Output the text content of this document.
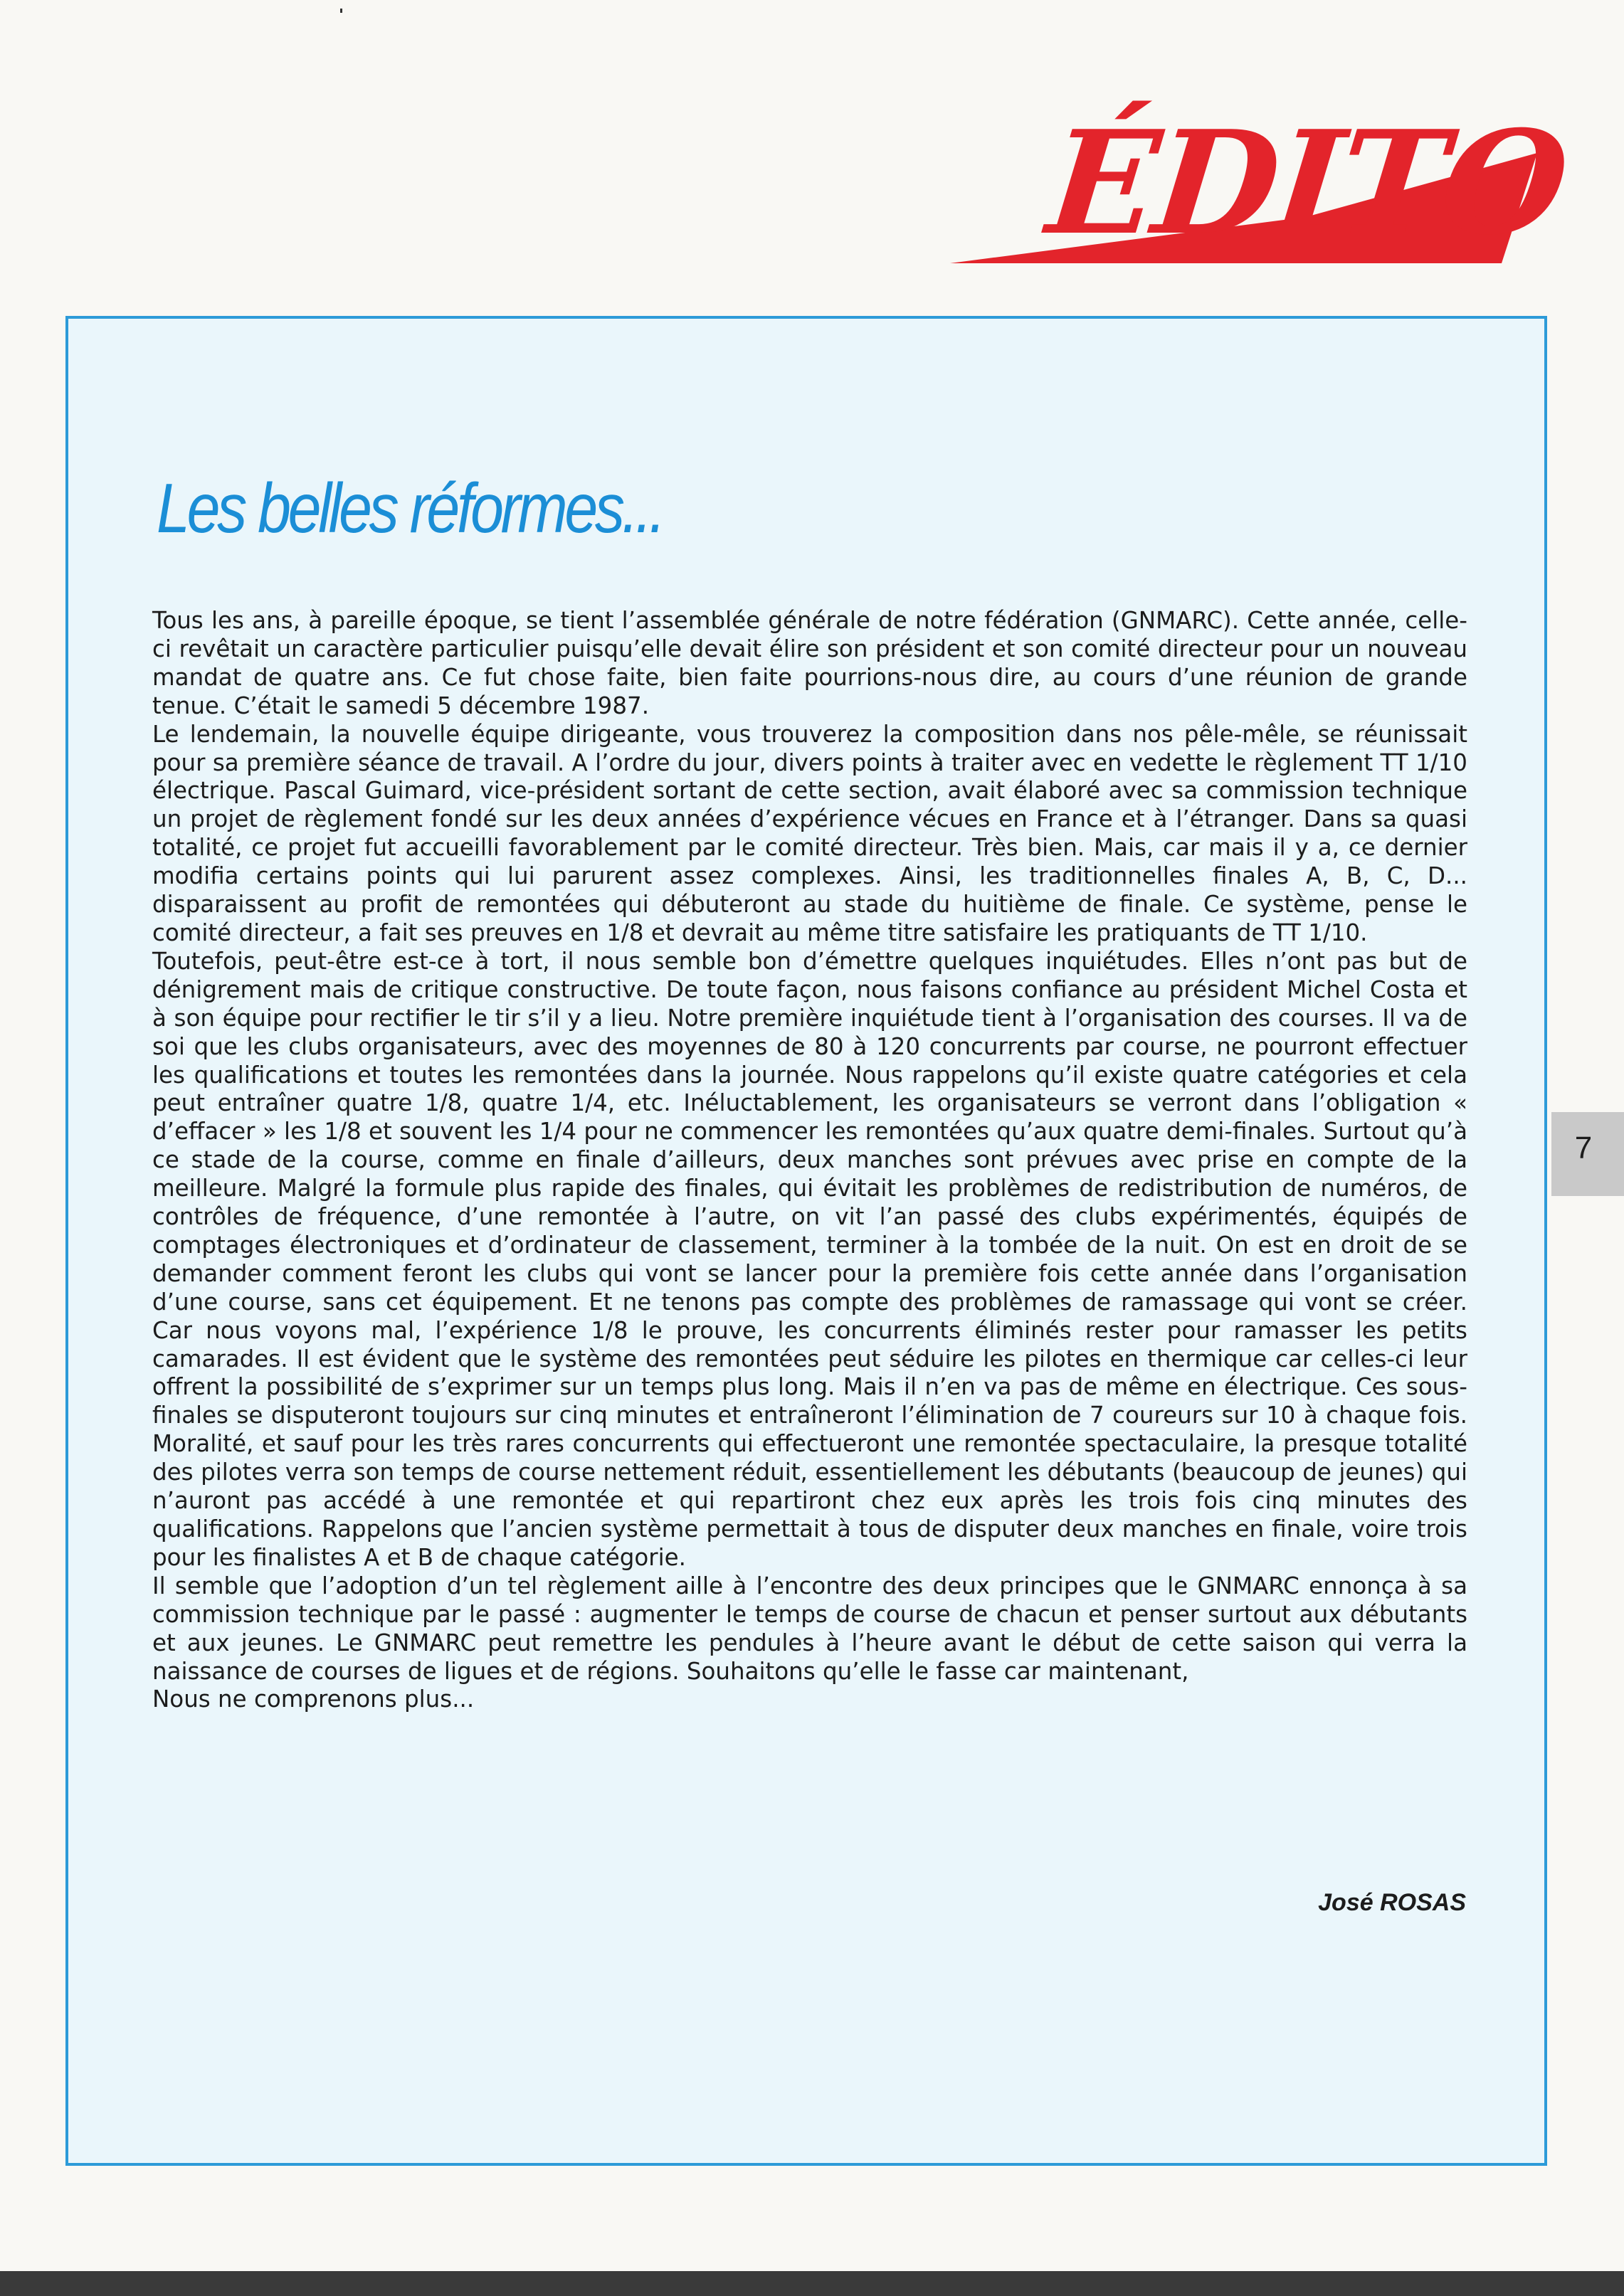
ÉDITO
Les belles réformes...

Tous les ans, à pareille époque, se tient l’assemblée générale de notre fédération (GNMARC). Cette année, celle-ci revêtait un caractère particulier puisqu’elle devait élire son président et son comité directeur pour un nouveau mandat de quatre ans. Ce fut chose faite, bien faite pourrions-nous dire, au cours d’une réunion de grande tenue. C’était le samedi 5 décembre 1987.

Le lendemain, la nouvelle équipe dirigeante, vous trouverez la composition dans nos pêle-mêle, se réunissait pour sa première séance de travail. A l’ordre du jour, divers points à traiter avec en vedette le règlement TT 1/10 électrique. Pascal Guimard, vice-président sortant de cette section, avait élaboré avec sa commission technique un projet de règlement fondé sur les deux années d’expérience vécues en France et à l’étranger. Dans sa quasi totalité, ce projet fut accueilli favorablement par le comité directeur. Très bien. Mais, car mais il y a, ce dernier modifia certains points qui lui parurent assez complexes. Ainsi, les traditionnelles finales A, B, C, D... disparaissent au profit de remontées qui débuteront au stade du huitième de finale. Ce système, pense le comité directeur, a fait ses preuves en 1/8 et devrait au même titre satisfaire les pratiquants de TT 1/10.

Toutefois, peut-être est-ce à tort, il nous semble bon d’émettre quelques inquiétudes. Elles n’ont pas but de dénigrement mais de critique constructive. De toute façon, nous faisons confiance au président Michel Costa et à son équipe pour rectifier le tir s’il y a lieu. Notre première inquiétude tient à l’organisation des courses. Il va de soi que les clubs organisateurs, avec des moyennes de 80 à 120 concurrents par course, ne pourront effectuer les qualifications et toutes les remontées dans la journée. Nous rappelons qu’il existe quatre catégories et cela peut entraîner quatre 1/8, quatre 1/4, etc. Inéluctablement, les organisateurs se verront dans l’obligation « d’effacer » les 1/8 et souvent les 1/4 pour ne commencer les remontées qu’aux quatre demi-finales. Surtout qu’à ce stade de la course, comme en finale d’ailleurs, deux manches sont prévues avec prise en compte de la meilleure. Malgré la formule plus rapide des finales, qui évitait les problèmes de redistribution de numéros, de contrôles de fréquence, d’une remontée à l’autre, on vit l’an passé des clubs expérimentés, équipés de comptages électroniques et d’ordinateur de classement, terminer à la tombée de la nuit. On est en droit de se demander comment feront les clubs qui vont se lancer pour la première fois cette année dans l’organisation d’une course, sans cet équipement. Et ne tenons pas compte des problèmes de ramassage qui vont se créer. Car nous voyons mal, l’expérience 1/8 le prouve, les concurrents éliminés rester pour ramasser les petits camarades. Il est évident que le système des remontées peut séduire les pilotes en thermique car celles-ci leur offrent la possibilité de s’exprimer sur un temps plus long. Mais il n’en va pas de même en électrique. Ces sous-finales se disputeront toujours sur cinq minutes et entraîneront l’élimination de 7 coureurs sur 10 à chaque fois. Moralité, et sauf pour les très rares concurrents qui effectueront une remontée spectaculaire, la presque totalité des pilotes verra son temps de course nettement réduit, essentiellement les débutants (beaucoup de jeunes) qui n’auront pas accédé à une remontée et qui repartiront chez eux après les trois fois cinq minutes des qualifications. Rappelons que l’ancien système permettait à tous de disputer deux manches en finale, voire trois pour les finalistes A et B de chaque catégorie.

Il semble que l’adoption d’un tel règlement aille à l’encontre des deux principes que le GNMARC ennonça à sa commission technique par le passé : augmenter le temps de course de chacun et penser surtout aux débutants et aux jeunes. Le GNMARC peut remettre les pendules à l’heure avant le début de cette saison qui verra la naissance de courses de ligues et de régions. Souhaitons qu’elle le fasse car maintenant,

Nous ne comprenons plus...

José ROSAS
7
